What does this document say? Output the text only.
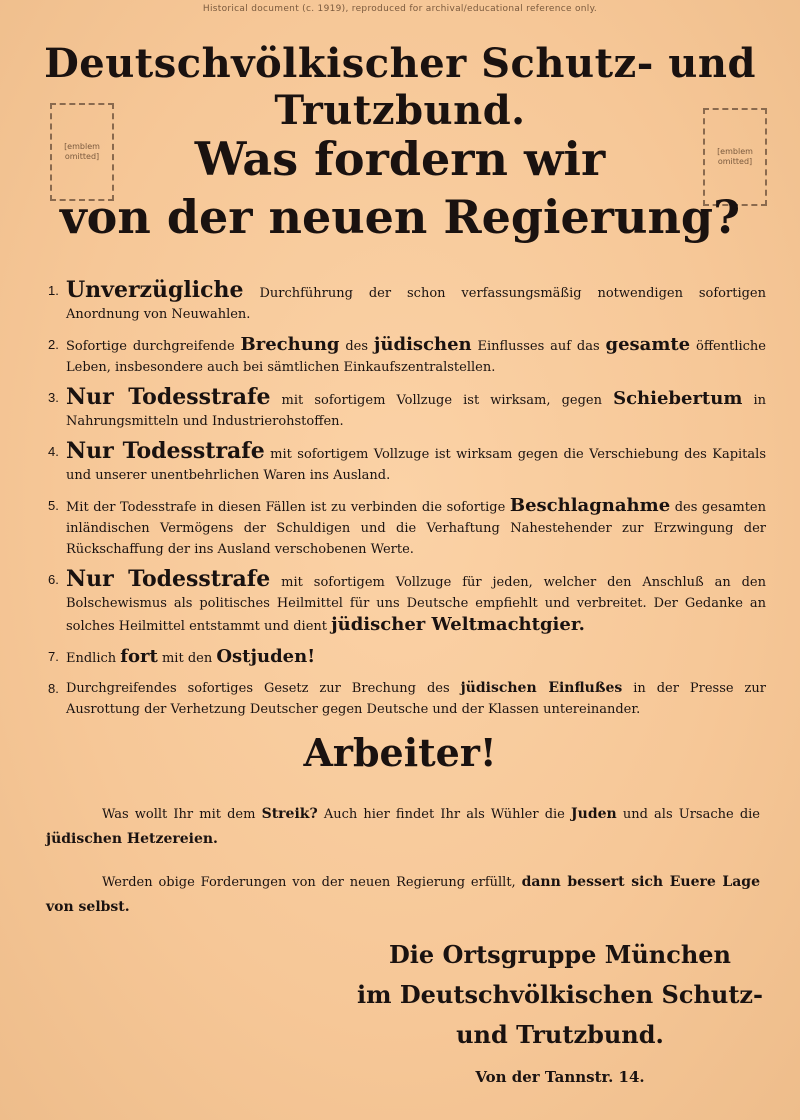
Historical document (c. 1919), reproduced for archival/educational reference only.
Deutschvölkischer Schutz- und Trutzbund.
[emblem omitted]
[emblem omitted]
Was fordern wir
von der neuen Regierung?
1. Unverzügliche Durchführung der schon verfassungsmäßig notwendigen sofortigen Anordnung von Neuwahlen.
2. Sofortige durchgreifende Brechung des jüdischen Einflusses auf das gesamte öffentliche Leben, insbesondere auch bei sämtlichen Einkaufszentralstellen.
3. Nur Todesstrafe mit sofortigem Vollzuge ist wirksam, gegen Schiebertum in Nahrungsmitteln und Industrierohstoffen.
4. Nur Todesstrafe mit sofortigem Vollzuge ist wirksam gegen die Verschiebung des Kapitals und unserer unentbehrlichen Waren ins Ausland.
5. Mit der Todesstrafe in diesen Fällen ist zu verbinden die sofortige Beschlagnahme des gesamten inländischen Vermögens der Schuldigen und die Verhaftung Nahestehender zur Erzwingung der Rückschaffung der ins Ausland verschobenen Werte.
6. Nur Todesstrafe mit sofortigem Vollzuge für jeden, welcher den Anschluß an den Bolschewismus als politisches Heilmittel für uns Deutsche empfiehlt und verbreitet. Der Gedanke an solches Heilmittel entstammt und dient jüdischer Weltmachtgier.
7. Endlich fort mit den Ostjuden!
8. Durchgreifendes sofortiges Gesetz zur Brechung des jüdischen Einflußes in der Presse zur Ausrottung der Verhetzung Deutscher gegen Deutsche und der Klassen untereinander.
Arbeiter!
Was wollt Ihr mit dem Streik? Auch hier findet Ihr als Wühler die Juden und als Ursache die jüdischen Hetzereien.
Werden obige Forderungen von der neuen Regierung erfüllt, dann bessert sich Euere Lage von selbst.
Die Ortsgruppe München
im Deutschvölkischen Schutz- und Trutzbund.
Von der Tannstr. 14.
